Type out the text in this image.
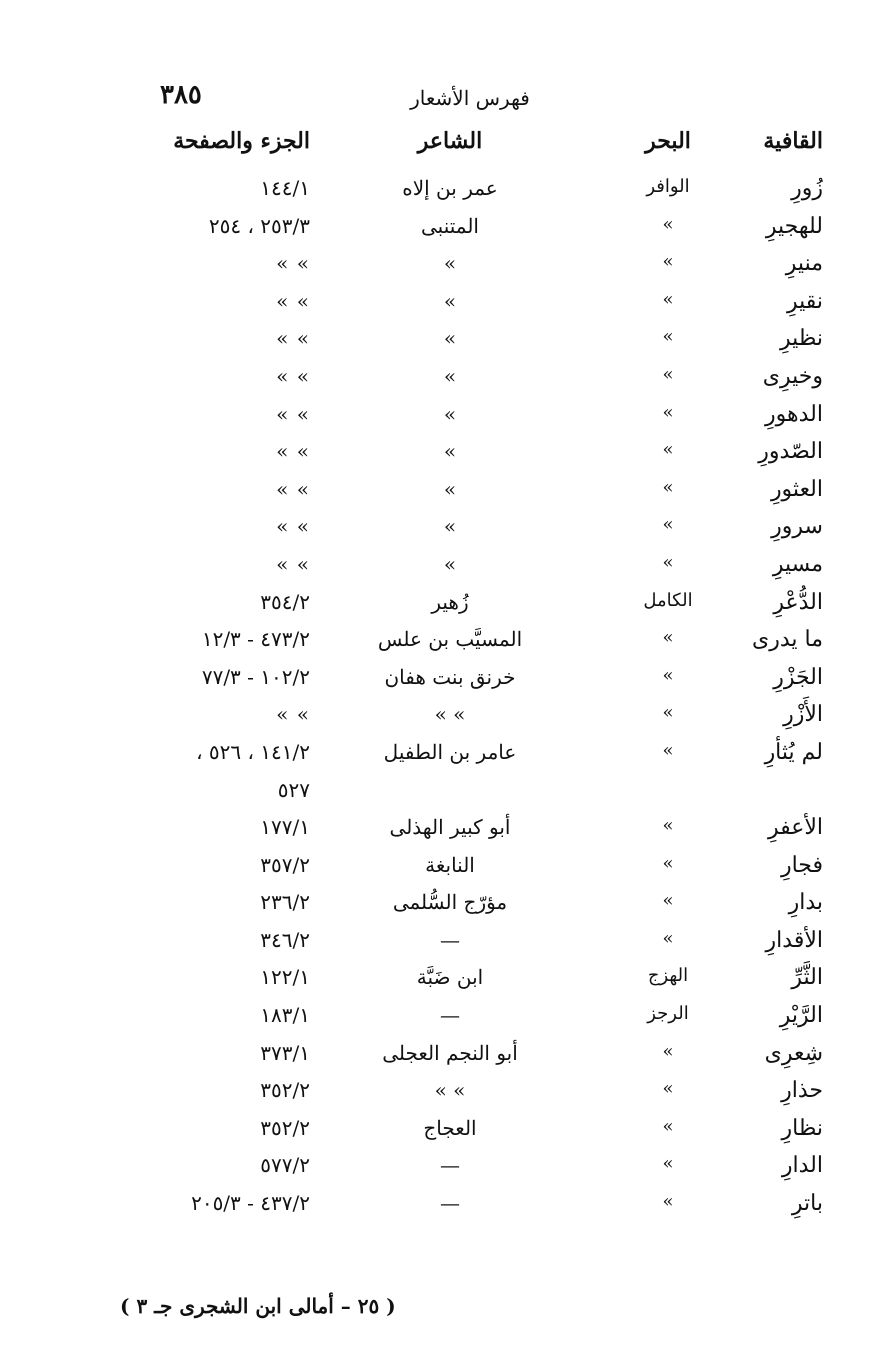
٣٨٥	فهرس الأشعار
القافية
البحر
الشاعر
الجزء والصفحة
زُورِ
الوافر
عمر بن إلاه
١٤٤/١
للهجيرِ
»
المتنبى
٢٥٣/٣ ، ٢٥٤
منيرِ
»
»
» »
نقيرِ
»
»
» »
نظيرِ
»
»
» »
وخيرِى
»
»
» »
الدهورِ
»
»
» »
الصّدورِ
»
»
» »
العثورِ
»
»
» »
سرورِ
»
»
» »
مسيرِ
»
»
» »
الدُّعْرِ
الكامل
زُهير
٣٥٤/٢
ما يدرى
»
المسيَّب بن علس
٤٧٣/٢ - ١٢/٣
الجَزْرِ
»
خرنق بنت هفان
١٠٢/٢ - ٧٧/٣
الأَزْرِ
»
» »
» »
لم يُثأرِ
»
عامر بن الطفيل
١٤١/٢ ، ٥٢٦ ،
٥٢٧
الأعفرِ
»
أبو كبير الهذلى
١٧٧/١
فجارِ
»
النابغة
٣٥٧/٢
بدارِ
»
مؤرّج السُّلمى
٢٣٦/٢
الأقدارِ
»
—
٣٤٦/٢
الثَّرِّ
الهزج
ابن ضَبَّة
١٢٢/١
الرَّيْرِ
الرجز
—
١٨٣/١
شِعرِى
»
أبو النجم العجلى
٣٧٣/١
حذارِ
»
» »
٣٥٢/٢
نظارِ
»
العجاج
٣٥٢/٢
الدارِ
»
—
٥٧٧/٢
باترِ
»
—
٤٣٧/٢ - ٢٠٥/٣
( ٢٥ – أمالى ابن الشجرى جـ ٣ )
